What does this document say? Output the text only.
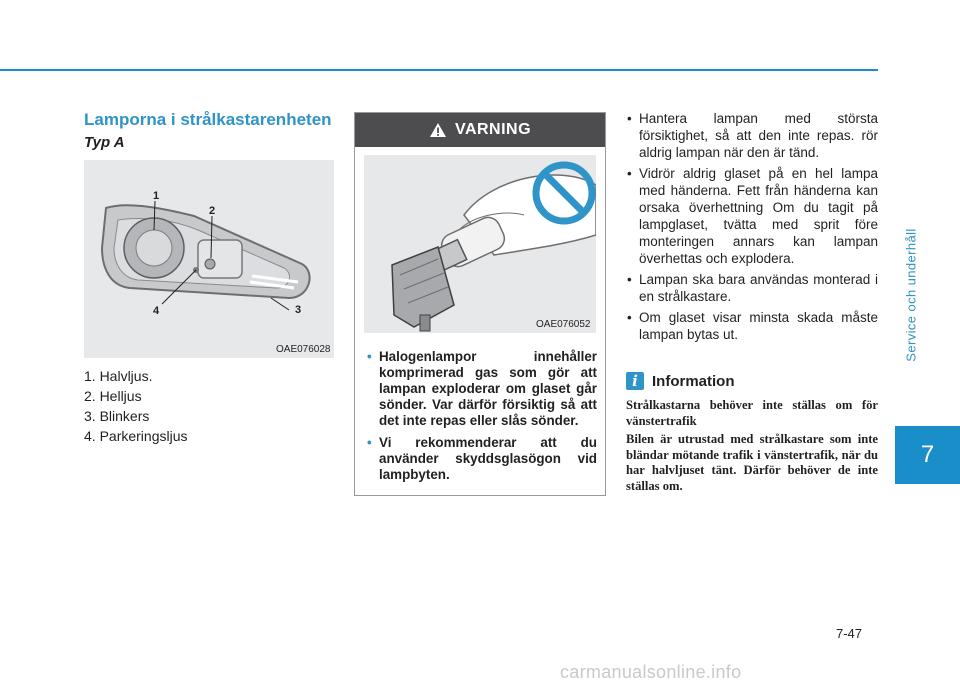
Lamporna i strålkastarenheten
Typ A
1
2
3
4
OAE076028
1. Halvljus.
2. Helljus
3. Blinkers
4. Parkeringsljus
VARNING
OAE076052
• Halogenlampor innehåller komprimerad gas som gör att lampan exploderar om glaset går sönder. Var därför försiktig så att det inte repas eller slås sönder.
• Vi rekommenderar att du använder skyddsglasögon vid lampbyten.
• Hantera lampan med största försiktighet, så att den inte repas. rör aldrig lampan när den är tänd.
• Vidrör aldrig glaset på en hel lampa med händerna. Fett från händerna kan orsaka överhettning Om du tagit på lampglaset, tvätta med sprit före monteringen annars kan lampan överhettas och explodera.
• Lampan ska bara användas monterad i en strålkastare.
• Om glaset visar minsta skada måste lampan bytas ut.
i Information

Strålkastarna behöver inte ställas om för vänstertrafik

Bilen är utrustad med strålkastare som inte bländar mötande trafik i vänstertrafik, när du har halvljuset tänt. Därför behöver de inte ställas om.

Service och underhåll
7
7-47
carmanualsonline.info
